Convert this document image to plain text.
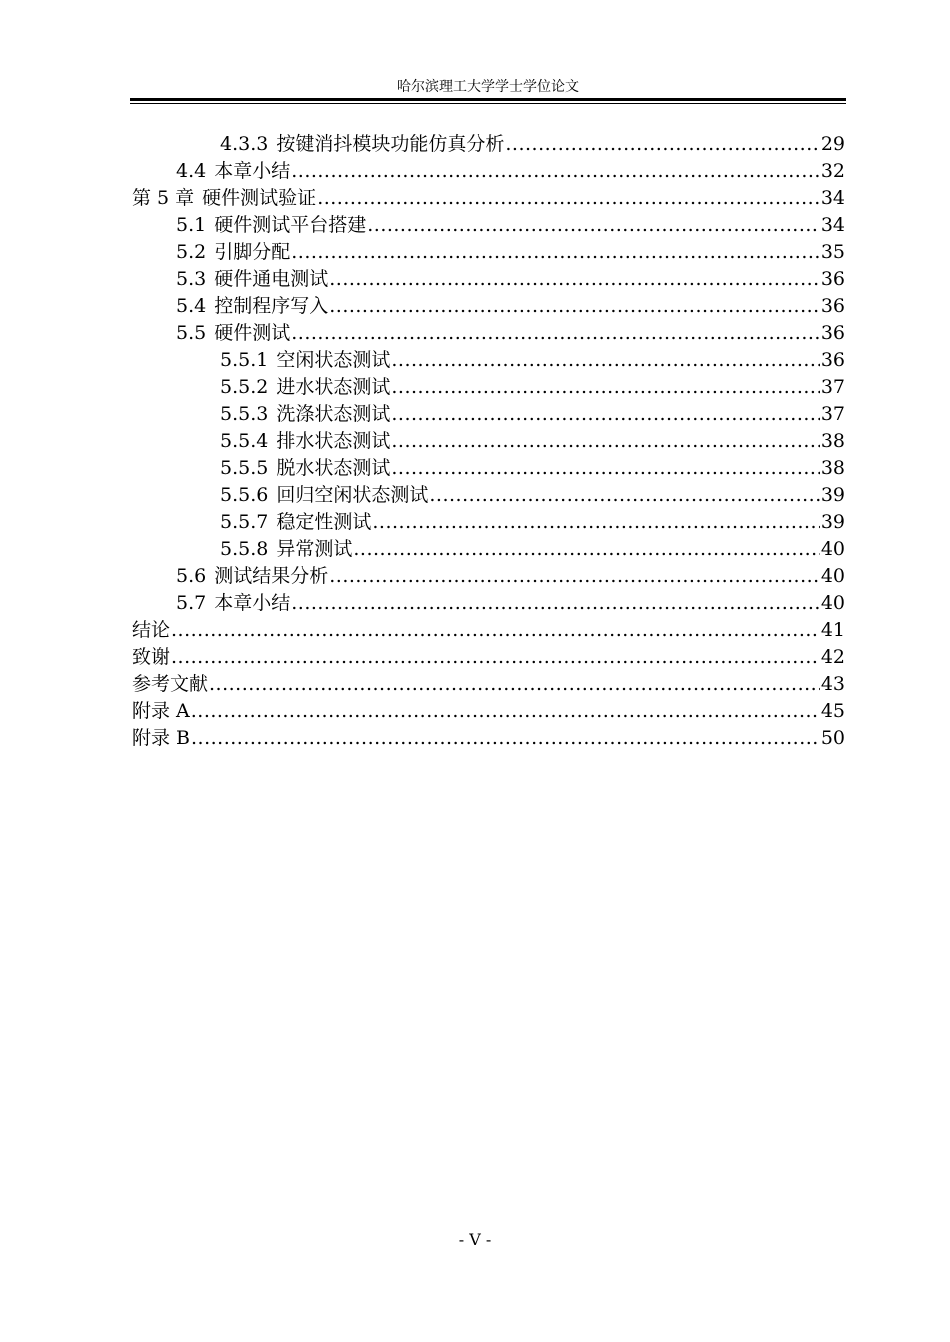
哈尔滨理工大学学士学位论文
4.3.3 按键消抖模块功能仿真分析 .....	29
4.4 本章小结 .....	32
第 5 章 硬件测试验证 .....	34
5.1 硬件测试平台搭建 .....	34
5.2 引脚分配 .....	35
5.3 硬件通电测试 .....	36
5.4 控制程序写入 .....	36
5.5 硬件测试 .....	36
5.5.1 空闲状态测试 .....	36
5.5.2 进水状态测试 .....	37
5.5.3 洗涤状态测试 .....	37
5.5.4 排水状态测试 .....	38
5.5.5 脱水状态测试 .....	38
5.5.6 回归空闲状态测试 .....	39
5.5.7 稳定性测试 .....	39
5.5.8 异常测试 .....	40
5.6 测试结果分析 .....	40
5.7 本章小结 .....	40
结论 .....	41
致谢 .....	42
参考文献 .....	43
附录 A .....	45
附录 B .....	50
- V -
